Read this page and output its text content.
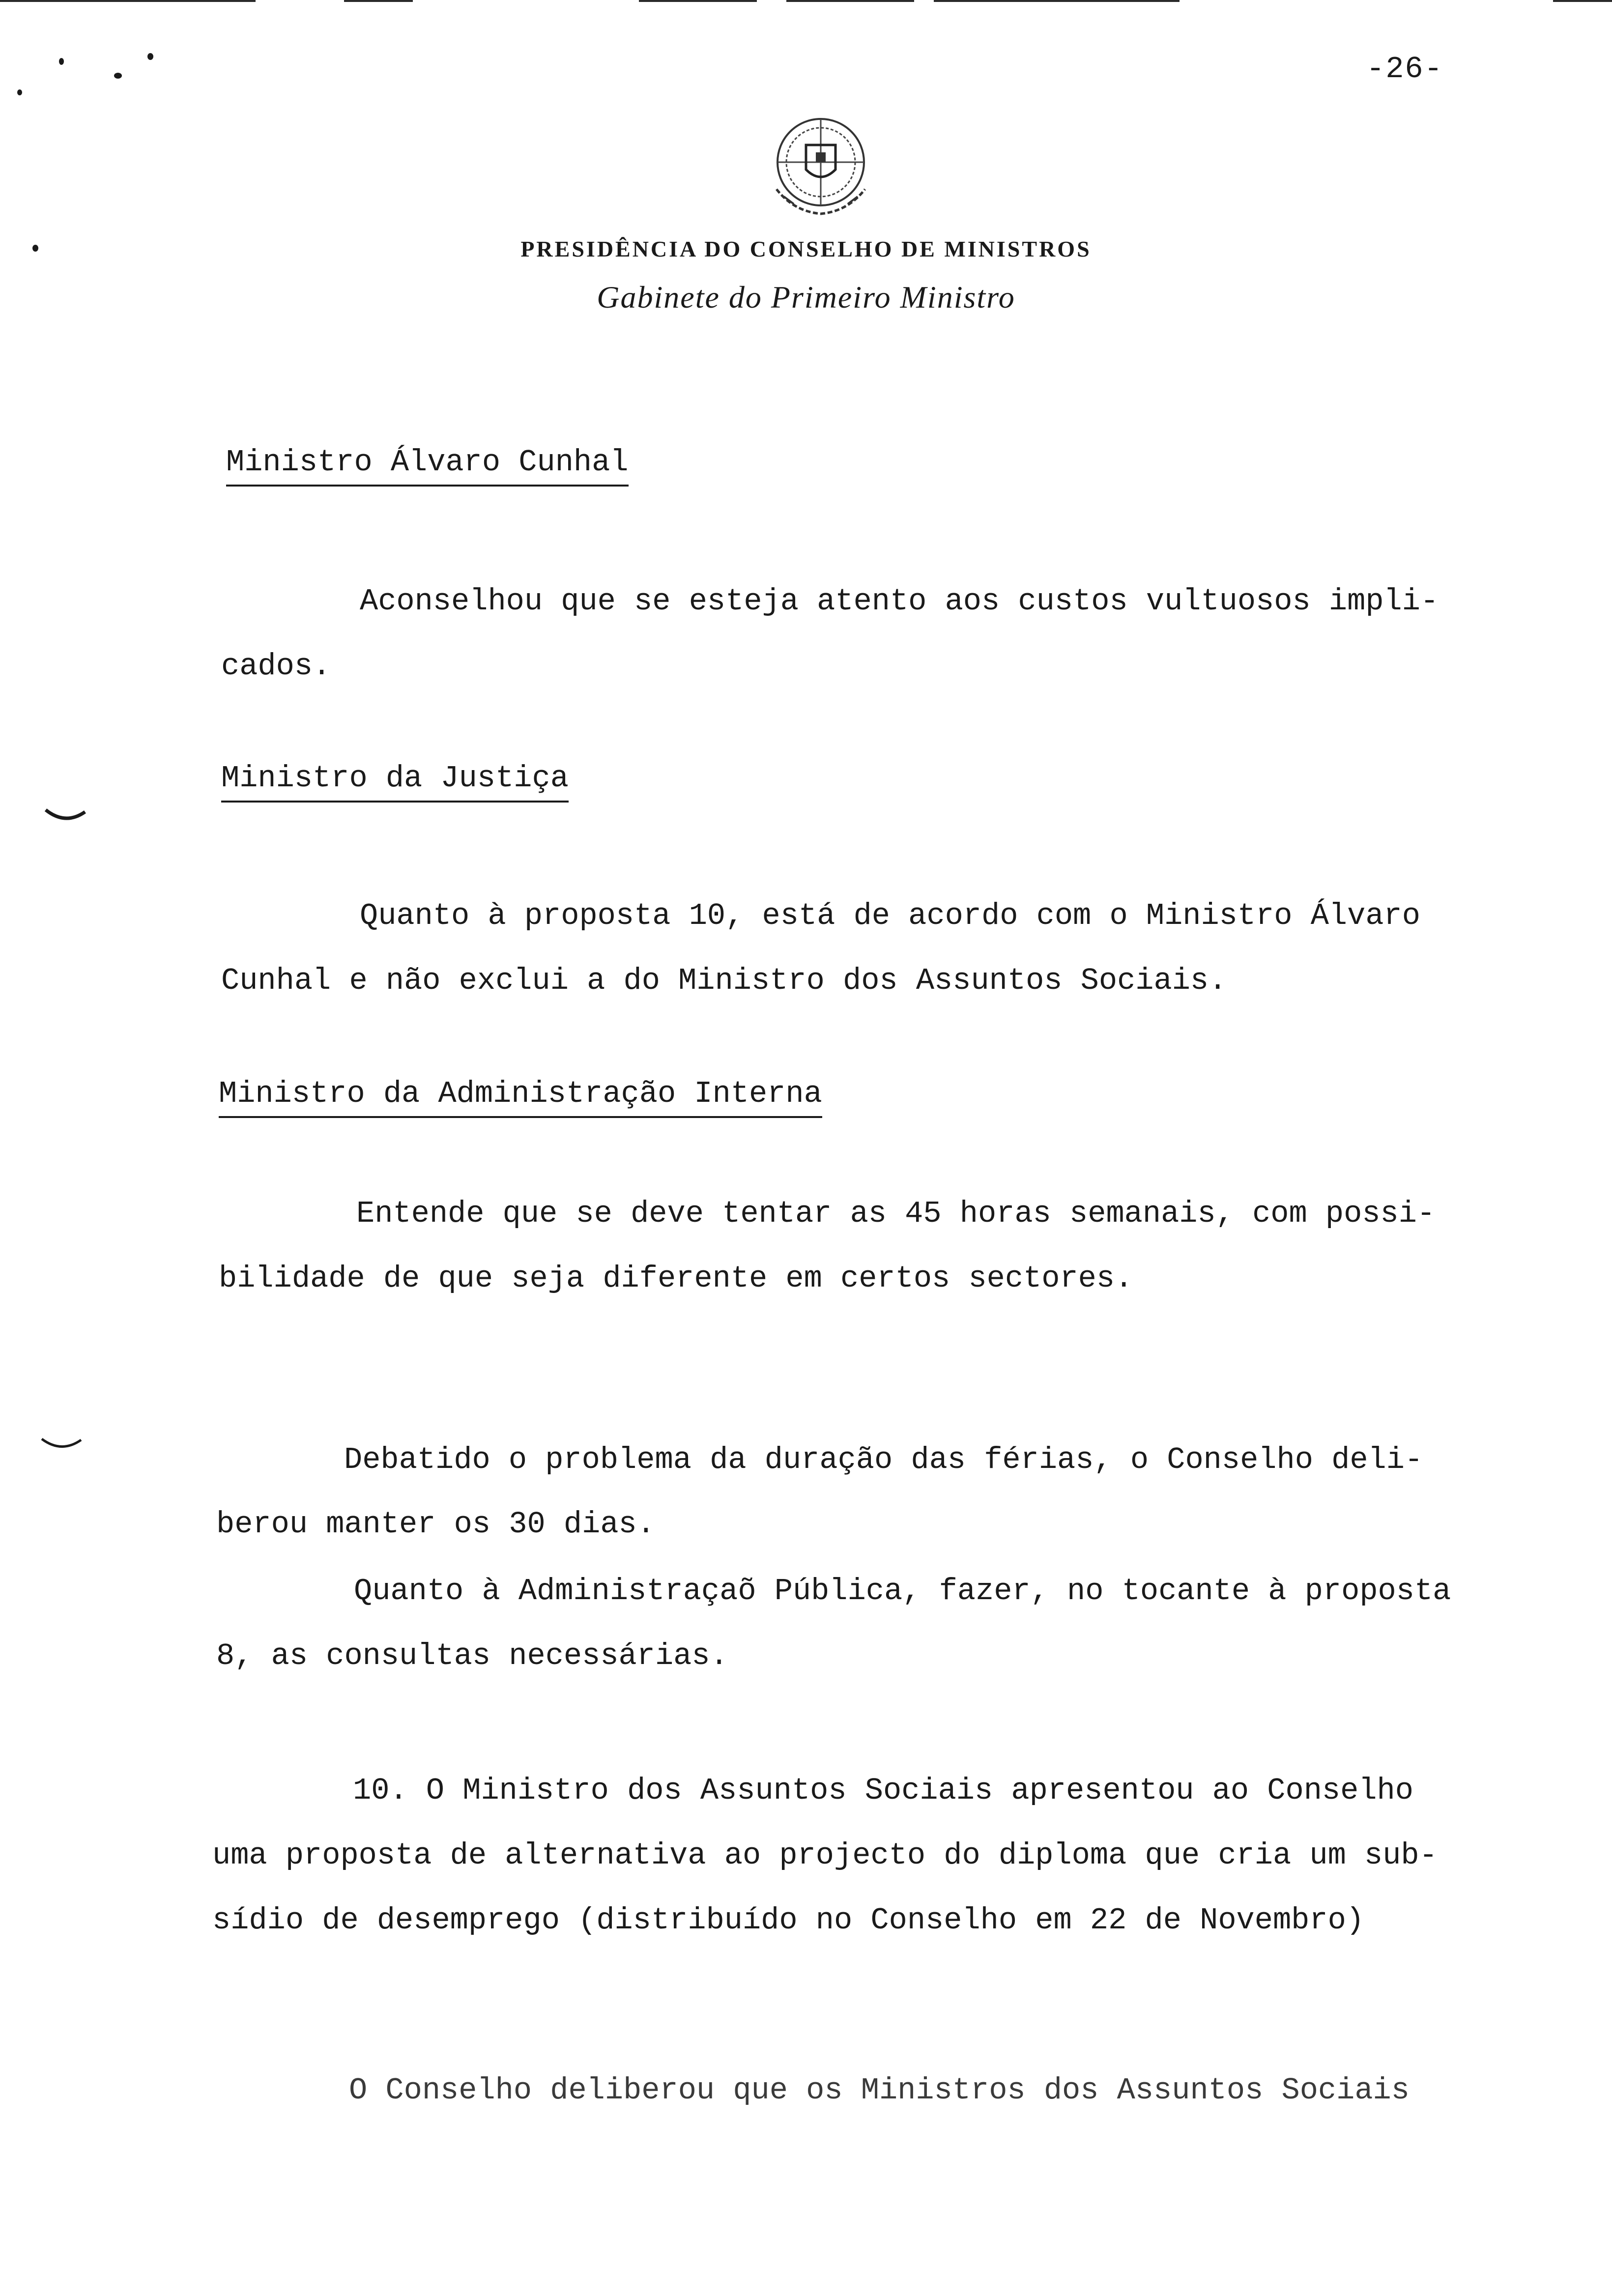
-26-
PRESIDÊNCIA DO CONSELHO DE MINISTROS
Gabinete do Primeiro Ministro
Ministro Álvaro Cunhal
Aconselhou que se esteja atento aos custos vultuosos impli-
cados.
Ministro da Justiça
Quanto à proposta 10, está de acordo com o Ministro Álvaro
Cunhal e não exclui a do Ministro dos Assuntos Sociais.
Ministro da Administração Interna
Entende que se deve tentar as 45 horas semanais, com possi-
bilidade de que seja diferente em certos sectores.
Debatido o problema da duração das férias, o Conselho deli-
berou manter os 30 dias.
Quanto à Administraçaõ Pública, fazer, no tocante à proposta
8, as consultas necessárias.
10. O Ministro dos Assuntos Sociais apresentou ao Conselho
uma proposta de alternativa ao projecto do diploma que cria um sub-
sídio de desemprego (distribuído no Conselho em 22 de Novembro)
O Conselho deliberou que os Ministros dos Assuntos Sociais
